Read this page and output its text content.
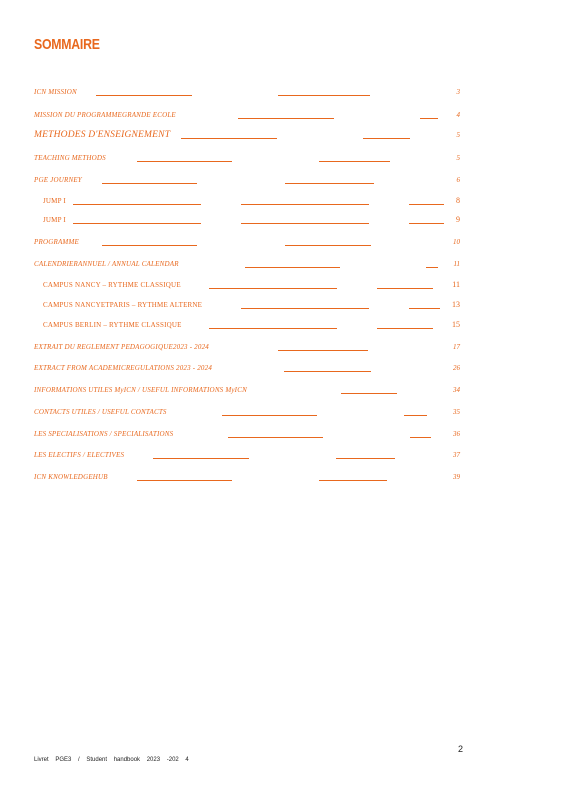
SOMMAIRE
ICN MISSION	3
MISSION DU PROGRAMMEGRANDE ECOLE	4
METHODES D'ENSEIGNEMENT	5
TEACHING METHODS	5
PGE JOURNEY	6
JUMP I	8
JUMP I	9
PROGRAMME	10
CALENDRIERANNUEL / ANNUAL CALENDAR	11
CAMPUS NANCY – RYTHME CLASSIQUE	11
CAMPUS NANCYETPARIS – RYTHME ALTERNE	13
CAMPUS BERLIN – RYTHME CLASSIQUE	15
EXTRAIT DU REGLEMENT PEDAGOGIQUE2023 - 2024	17
EXTRACT FROM ACADEMICREGULATIONS 2023 - 2024	26
INFORMATIONS UTILES MyICN / USEFUL INFORMATIONS MyICN	34
CONTACTS UTILES / USEFUL CONTACTS	35
LES SPECIALISATIONS / SPECIALISATIONS	36
LES ELECTIFS / ELECTIVES	37
ICN KNOWLEDGEHUB	39
2
Livret PGE3 / Student handbook 2023 -202 4
